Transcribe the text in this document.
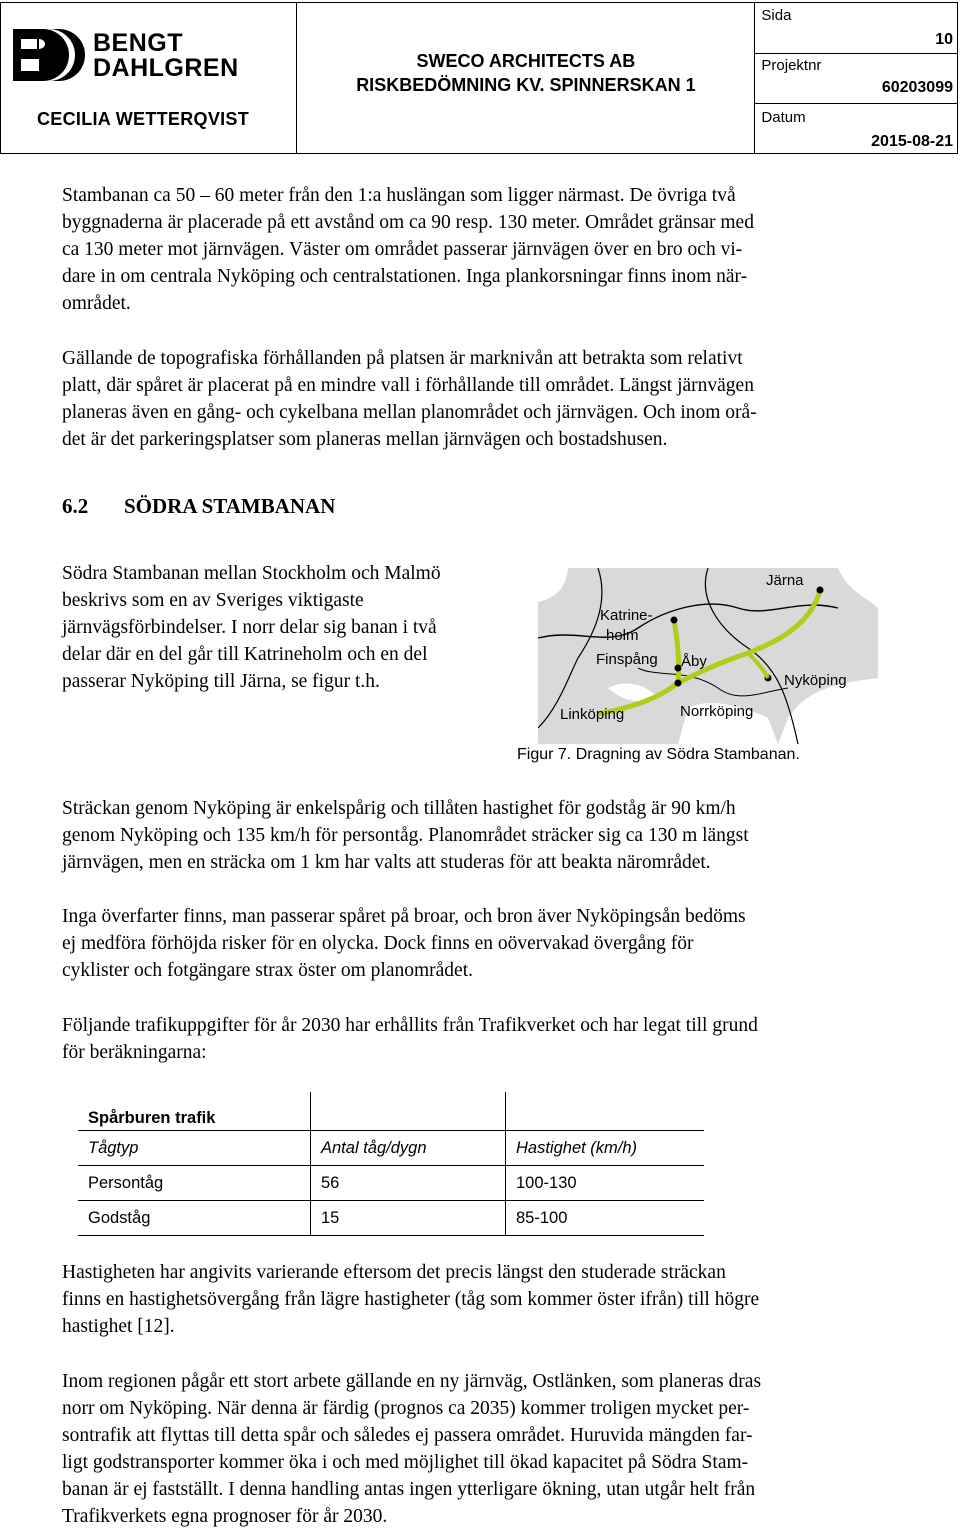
BENGT
DAHLGREN
CECILIA WETTERQVIST

SWECO ARCHITECTS AB
RISKBEDÖMNING KV. SPINNERSKAN 1

Sida
10
Projektnr
60203099
Datum
2015-08-21

Stambanan ca 50 – 60 meter från den 1:a huslängan som ligger närmast. De övriga två
byggnaderna är placerade på ett avstånd om ca 90 resp. 130 meter. Området gränsar med
ca 130 meter mot järnvägen. Väster om området passerar järnvägen över en bro och vi-
dare in om centrala Nyköping och centralstationen. Inga plankorsningar finns inom när-
området.

Gällande de topografiska förhållanden på platsen är marknivån att betrakta som relativt
platt, där spåret är placerat på en mindre vall i förhållande till området. Längst järnvägen
planeras även en gång- och cykelbana mellan planområdet och järnvägen. Och inom orå-
det är det parkeringsplatser som planeras mellan järnvägen och bostadshusen.

6.2 SÖDRA STAMBANAN

Södra Stambanan mellan Stockholm och Malmö
beskrivs som en av Sveriges viktigaste
järnvägsförbindelser. I norr delar sig banan i två
delar där en del går till Katrineholm och en del
passerar Nyköping till Järna, se figur t.h.

Järna
Katrine-
holm
Finspång Åby
Nyköping
Linköping	Norrköping
Figur 7. Dragning av Södra Stambanan.

Sträckan genom Nyköping är enkelspårig och tillåten hastighet för godståg är 90 km/h
genom Nyköping och 135 km/h för persontåg. Planområdet sträcker sig ca 130 m längst
järnvägen, men en sträcka om 1 km har valts att studeras för att beakta närområdet.

Inga överfarter finns, man passerar spåret på broar, och bron äver Nyköpingsån bedöms
ej medföra förhöjda risker för en olycka. Dock finns en oövervakad övergång för
cyklister och fotgängare strax öster om planområdet.

Följande trafikuppgifter för år 2030 har erhållits från Trafikverket och har legat till grund
för beräkningarna:

Spårburen trafik		
Tågtyp	Antal tåg/dygn	Hastighet (km/h)
Persontåg	56	100-130
Godståg	15	85-100

Hastigheten har angivits varierande eftersom det precis längst den studerade sträckan
finns en hastighetsövergång från lägre hastigheter (tåg som kommer öster ifrån) till högre
hastighet [12].

Inom regionen pågår ett stort arbete gällande en ny järnväg, Ostlänken, som planeras dras
norr om Nyköping. När denna är färdig (prognos ca 2035) kommer troligen mycket per-
sontrafik att flyttas till detta spår och således ej passera området. Huruvida mängden far-
ligt godstransporter kommer öka i och med möjlighet till ökad kapacitet på Södra Stam-
banan är ej fastställt. I denna handling antas ingen ytterligare ökning, utan utgår helt från
Trafikverkets egna prognoser för år 2030.
